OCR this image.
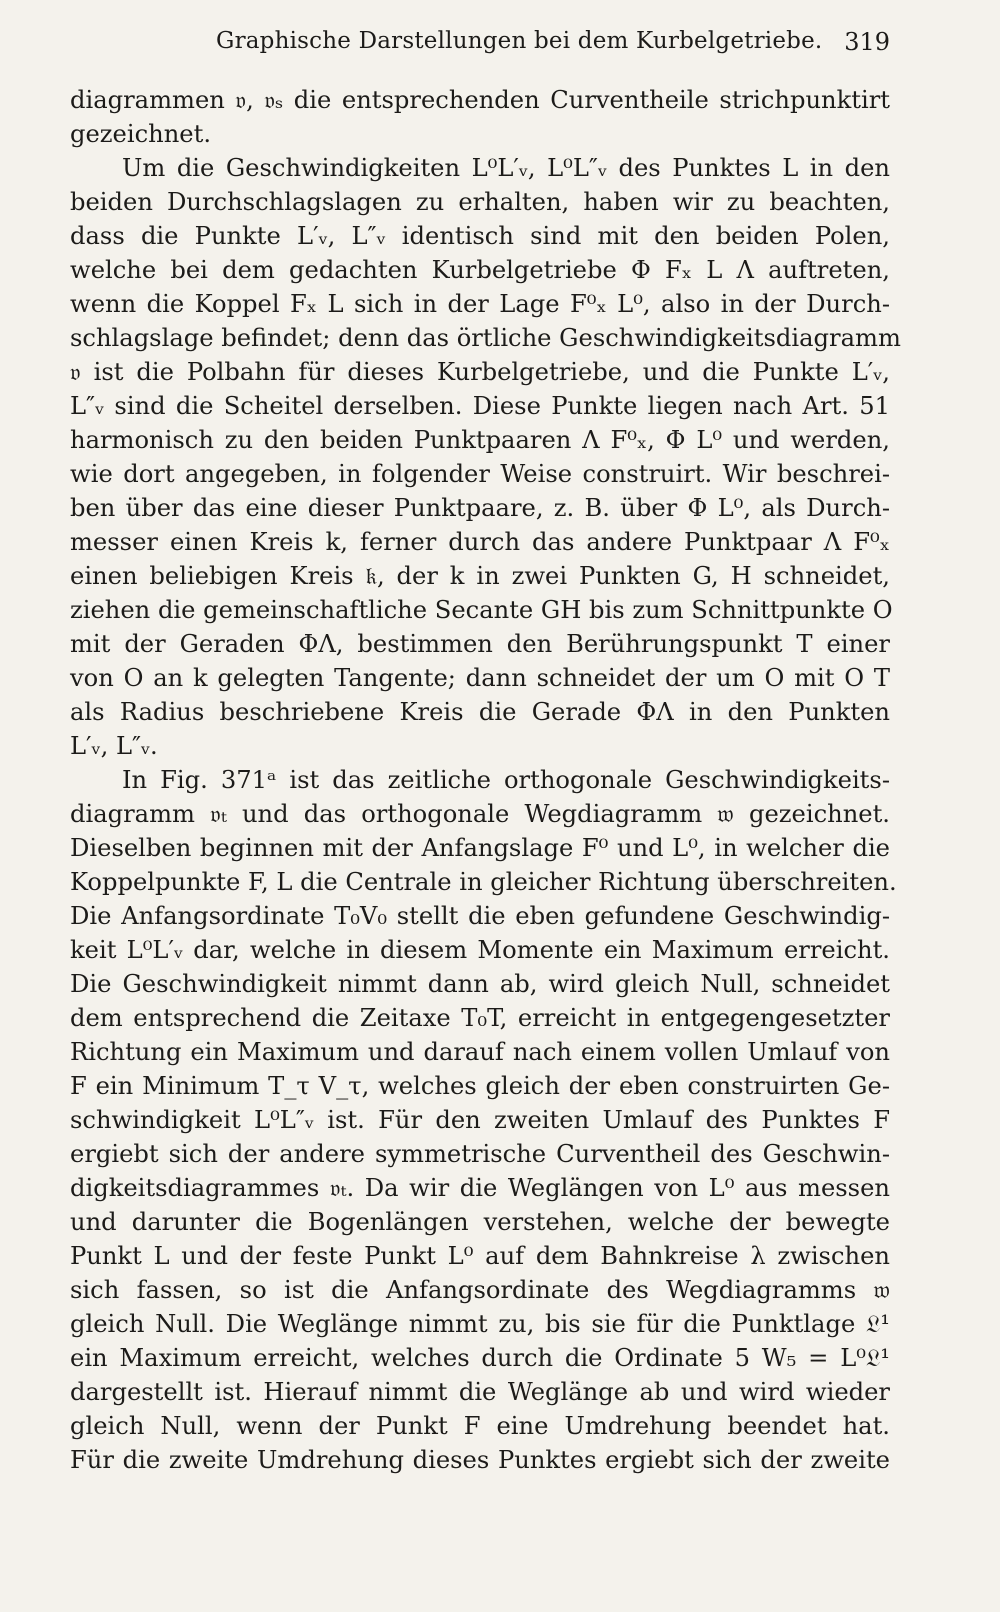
Graphische Darstellungen bei dem Kurbelgetriebe. 319
diagrammen 𝔳, 𝔳ₛ die entsprechenden Curventheile strichpunktirt
gezeichnet.
Um die Geschwindigkeiten L⁰L′ᵥ, L⁰L″ᵥ des Punktes L in den
beiden Durchschlagslagen zu erhalten, haben wir zu beachten,
dass die Punkte L′ᵥ, L″ᵥ identisch sind mit den beiden Polen,
welche bei dem gedachten Kurbelgetriebe Φ Fₓ L Λ auftreten,
wenn die Koppel Fₓ L sich in der Lage F⁰ₓ L⁰, also in der Durch-
schlagslage befindet; denn das örtliche Geschwindigkeitsdiagramm
𝔳 ist die Polbahn für dieses Kurbelgetriebe, und die Punkte L′ᵥ,
L″ᵥ sind die Scheitel derselben. Diese Punkte liegen nach Art. 51
harmonisch zu den beiden Punktpaaren Λ F⁰ₓ, Φ L⁰ und werden,
wie dort angegeben, in folgender Weise construirt. Wir beschrei-
ben über das eine dieser Punktpaare, z. B. über Φ L⁰, als Durch-
messer einen Kreis k, ferner durch das andere Punktpaar Λ F⁰ₓ
einen beliebigen Kreis 𝔨, der k in zwei Punkten G, H schneidet,
ziehen die gemeinschaftliche Secante GH bis zum Schnittpunkte O
mit der Geraden ΦΛ, bestimmen den Berührungspunkt T einer
von O an k gelegten Tangente; dann schneidet der um O mit O T
als Radius beschriebene Kreis die Gerade ΦΛ in den Punkten
L′ᵥ, L″ᵥ.
In Fig. 371ᵃ ist das zeitliche orthogonale Geschwindigkeits-
diagramm 𝔳ₜ und das orthogonale Wegdiagramm 𝔴 gezeichnet.
Dieselben beginnen mit der Anfangslage F⁰ und L⁰, in welcher die
Koppelpunkte F, L die Centrale in gleicher Richtung überschreiten.
Die Anfangsordinate T₀V₀ stellt die eben gefundene Geschwindig-
keit L⁰L′ᵥ dar, welche in diesem Momente ein Maximum erreicht.
Die Geschwindigkeit nimmt dann ab, wird gleich Null, schneidet
dem entsprechend die Zeitaxe T₀T, erreicht in entgegengesetzter
Richtung ein Maximum und darauf nach einem vollen Umlauf von
F ein Minimum T_τ V_τ, welches gleich der eben construirten Ge-
schwindigkeit L⁰L″ᵥ ist. Für den zweiten Umlauf des Punktes F
ergiebt sich der andere symmetrische Curventheil des Geschwin-
digkeitsdiagrammes 𝔳ₜ. Da wir die Weglängen von L⁰ aus messen
und darunter die Bogenlängen verstehen, welche der bewegte
Punkt L und der feste Punkt L⁰ auf dem Bahnkreise λ zwischen
sich fassen, so ist die Anfangsordinate des Wegdiagramms 𝔴
gleich Null. Die Weglänge nimmt zu, bis sie für die Punktlage 𝔏¹
ein Maximum erreicht, welches durch die Ordinate 5 W₅ = L⁰𝔏¹
dargestellt ist. Hierauf nimmt die Weglänge ab und wird wieder
gleich Null, wenn der Punkt F eine Umdrehung beendet hat.
Für die zweite Umdrehung dieses Punktes ergiebt sich der zweite
